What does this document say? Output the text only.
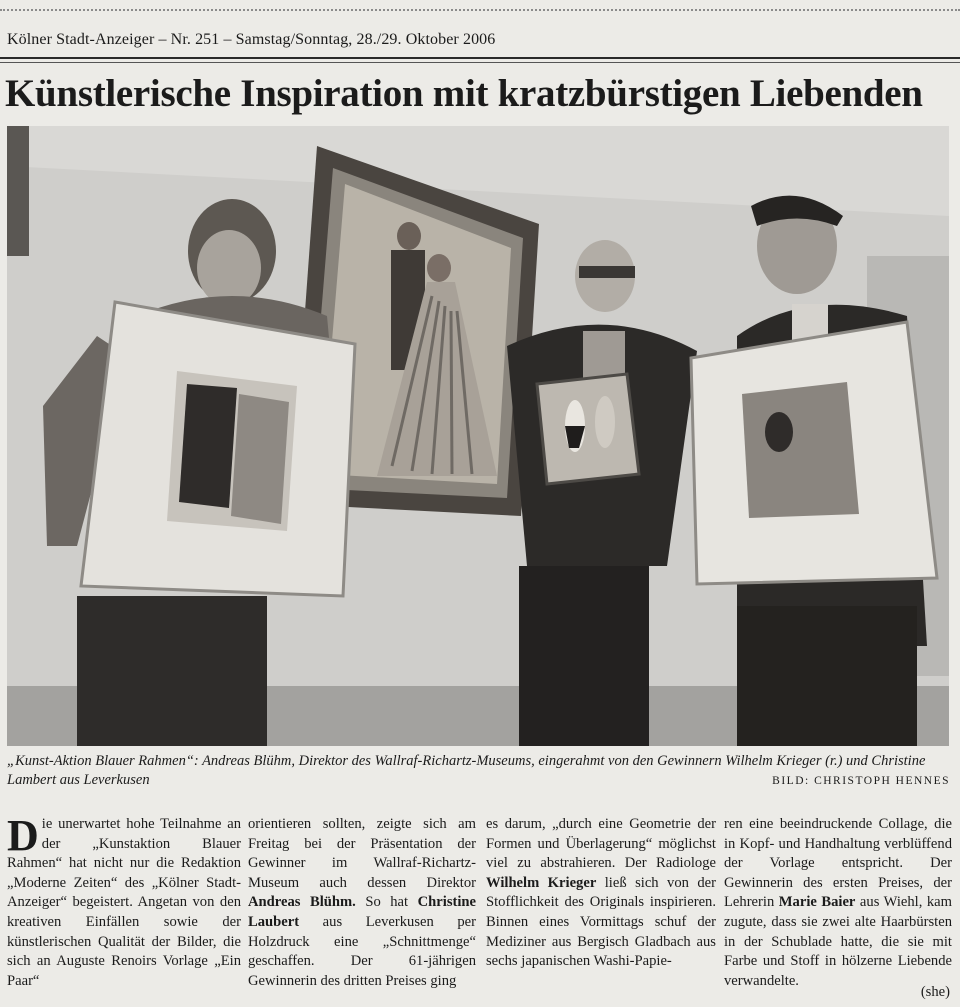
Kölner Stadt-Anzeiger – Nr. 251 – Samstag/Sonntag, 28./29. Oktober 2006
Künstlerische Inspiration mit kratzbürstigen Liebenden
„Kunst-Aktion Blauer Rahmen“: Andreas Blühm, Direktor des Wallraf-Richartz-Museums, eingerahmt von den Gewinnern Wilhelm Krieger (r.) und Christine Lambert aus Leverkusen	BILD: CHRISTOPH HENNES
Die unerwartet hohe Teilnahme an der „Kunstaktion Blauer Rahmen“ hat nicht nur die Redaktion „Moderne Zeiten“ des „Kölner Stadt-Anzeiger“ begeistert. Angetan von den kreativen Einfällen sowie der künstlerischen Qualität der Bilder, die sich an Auguste Renoirs Vorlage „Ein Paar“
orientieren sollten, zeigte sich am Freitag bei der Präsentation der Gewinner im Wallraf-Richartz-Museum auch dessen Direktor Andreas Blühm. So hat Christine Laubert aus Leverkusen per Holzdruck eine „Schnittmenge“ geschaffen. Der 61-jährigen Gewinnerin des dritten Preises ging
es darum, „durch eine Geometrie der Formen und Überlagerung“ möglichst viel zu abstrahieren. Der Radiologe Wilhelm Krieger ließ sich von der Stofflichkeit des Originals inspirieren. Binnen eines Vormittags schuf der Mediziner aus Bergisch Gladbach aus sechs japanischen Washi-Papie-
ren eine beeindruckende Collage, die in Kopf- und Handhaltung verblüffend der Vorlage entspricht. Der Gewinnerin des ersten Preises, der Lehrerin Marie Baier aus Wiehl, kam zugute, dass sie zwei alte Haarbürsten in der Schublade hatte, die sie mit Farbe und Stoff in hölzerne Liebende verwandelte.
(she)
